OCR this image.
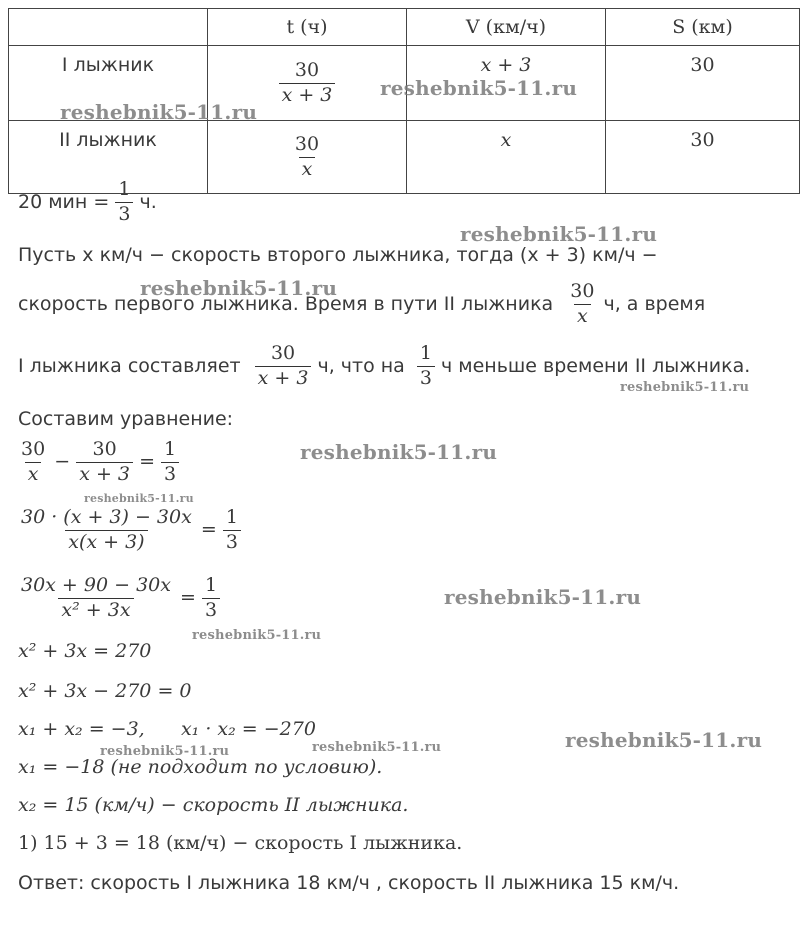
	t (ч)	V (км/ч)	S (км)
I лыжник	$\frac{30}{x + 3}$	x + 3	30
II лыжник	$\frac{30}{x}$	x	30
20 мин = $\frac{1}{3} ч$.
Пусть x км/ч − скорость второго лыжника, тогда (x + 3) км/ч −
скорость первого лыжника. Время в пути II лыжника $\frac{30}{x} ч$, а время
I лыжника составляет $\frac{30}{x + 3} ч$, что на $\frac{1}{3}$ ч меньше времени II лыжника.
Составим уравнение:
$\frac{30}{x} - \frac{30}{x + 3} = \frac{1}{3}$
$\frac{30 \cdot (x + 3) - 30x}{x(x + 3)} = \frac{1}{3}$
$\frac{30x + 90 - 30x}{\text{x² + 3x}} = \frac{1}{3}$
x² + 3x = 270
x² + 3x − 270 = 0
x₁ + x₂ = −3,      x₁ · x₂ = −270
x₁ = −18 (не подходит по условию).
x₂ = 15 (км/ч) − скорость II лыжника.
1) 15 + 3 = 18 (км/ч) − скорость I лыжника.
Ответ: скорость I лыжника 18 км/ч , скорость II лыжника 15 км/ч.
reshebnik5-11.ru
reshebnik5-11.ru
reshebnik5-11.ru
reshebnik5-11.ru
reshebnik5-11.ru
reshebnik5-11.ru
reshebnik5-11.ru
reshebnik5-11.ru
reshebnik5-11.ru
reshebnik5-11.ru
reshebnik5-11.ru	reshebnik5-11.ru
